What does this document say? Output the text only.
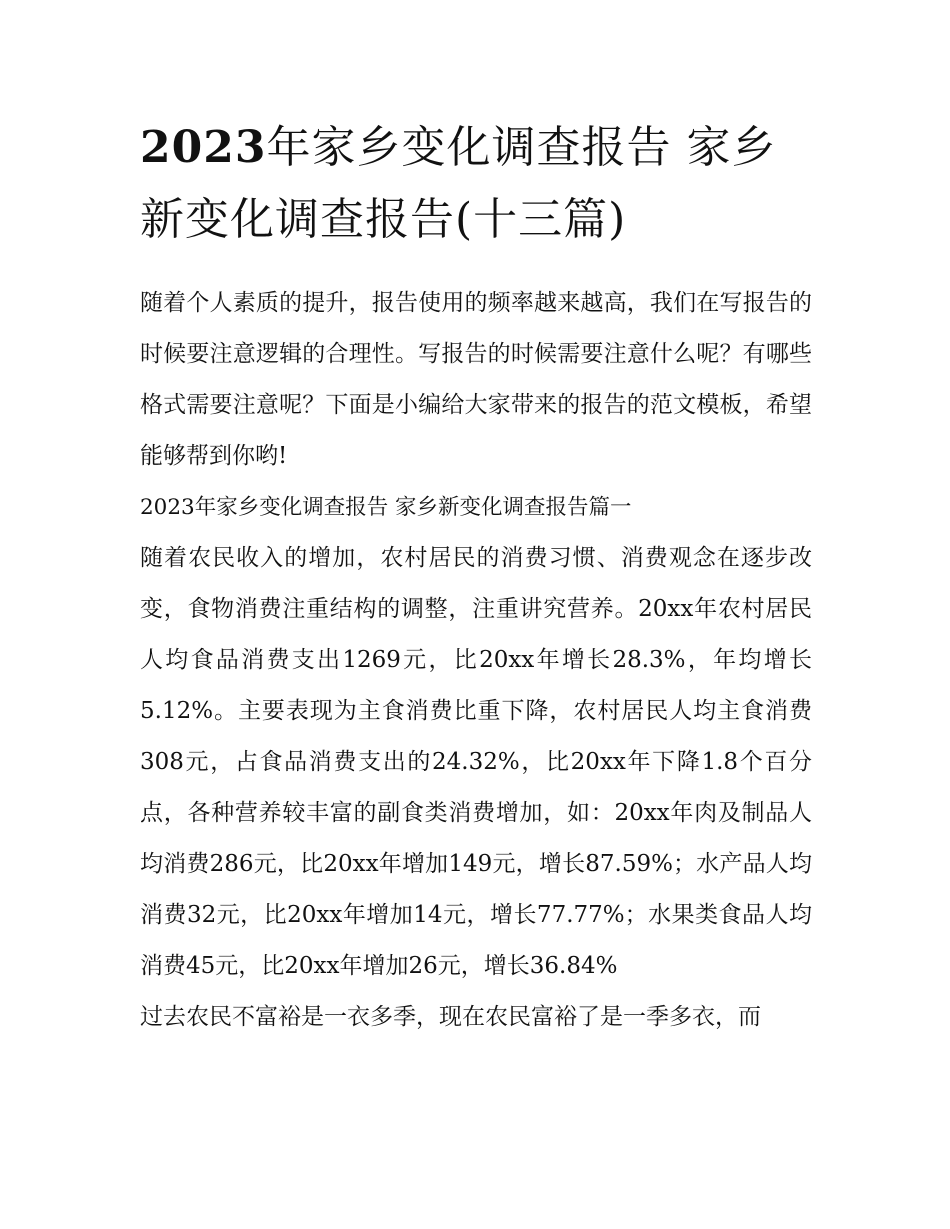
2023年家乡变化调查报告 家乡新变化调查报告(十三篇)

随着个人素质的提升，报告使用的频率越来越高，我们在写报告的时候要注意逻辑的合理性。写报告的时候需要注意什么呢？有哪些格式需要注意呢？下面是小编给大家带来的报告的范文模板，希望能够帮到你哟!

2023年家乡变化调查报告 家乡新变化调查报告篇一

随着农民收入的增加，农村居民的消费习惯、消费观念在逐步改变，食物消费注重结构的调整，注重讲究营养。20xx年农村居民人均食品消费支出1269元，比20xx年增长28.3%，年均增长5.12%。主要表现为主食消费比重下降，农村居民人均主食消费308元，占食品消费支出的24.32%，比20xx年下降1.8个百分点，各种营养较丰富的副食类消费增加，如：20xx年肉及制品人均消费286元，比20xx年增加149元，增长87.59%；水产品人均消费32元，比20xx年增加14元，增长77.77%；水果类食品人均消费45元，比20xx年增加26元，增长36.84%

过去农民不富裕是一衣多季，现在农民富裕了是一季多衣，而
